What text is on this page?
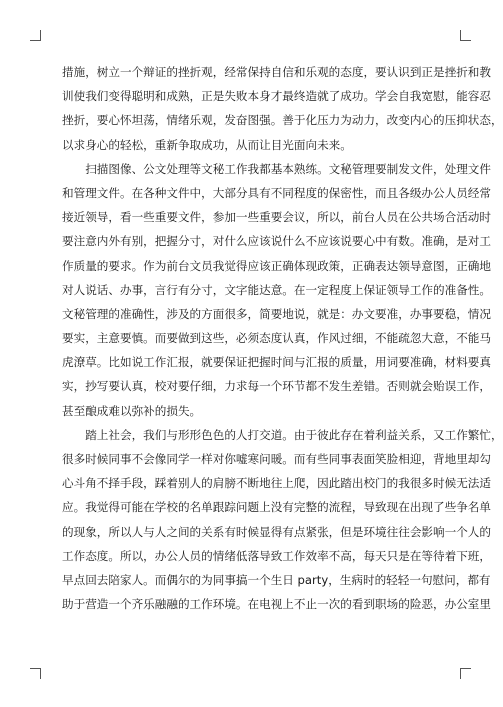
措施，树立一个辩证的挫折观，经常保持自信和乐观的态度，要认识到正是挫折和教
训使我们变得聪明和成熟，正是失败本身才最终造就了成功。学会自我宽慰，能容忍
挫折，要心怀坦荡，情绪乐观，发奋图强。善于化压力为动力，改变内心的压抑状态，
以求身心的轻松，重新争取成功，从而让目光面向未来。
　　扫描图像、公文处理等文秘工作我都基本熟练。文秘管理要制发文件，处理文件
和管理文件。在各种文件中，大部分具有不同程度的保密性，而且各级办公人员经常
接近领导，看一些重要文件，参加一些重要会议，所以，前台人员在公共场合活动时
要注意内外有别，把握分寸，对什么应该说什么不应该说要心中有数。准确，是对工
作质量的要求。作为前台文员我觉得应该正确体现政策，正确表达领导意图，正确地
对人说话、办事，言行有分寸，文字能达意。在一定程度上保证领导工作的准备性。
文秘管理的准确性，涉及的方面很多，简要地说，就是：办文要准，办事要稳，情况
要实，主意要慎。而要做到这些，必须态度认真，作风过细，不能疏忽大意，不能马
虎潦草。比如说工作汇报，就要保证把握时间与汇报的质量，用词要准确，材料要真
实，抄写要认真，校对要仔细，力求每一个环节都不发生差错。否则就会贻误工作，
甚至酿成难以弥补的损失。
　　踏上社会，我们与形形色色的人打交道。由于彼此存在着利益关系，又工作繁忙，
很多时候同事不会像同学一样对你嘘寒问暖。而有些同事表面笑脸相迎，背地里却勾
心斗角不择手段，踩着别人的肩膀不断地往上爬，因此踏出校门的我很多时候无法适
应。我觉得可能在学校的名单跟踪问题上没有完整的流程，导致现在出现了些争名单
的现象，所以人与人之间的关系有时候显得有点紧张，但是环境往往会影响一个人的
工作态度。所以，办公人员的情绪低落导致工作效率不高，每天只是在等待着下班，
早点回去陪家人。而偶尔的为同事搞一个生日 party，生病时的轻轻一句慰问，都有
助于营造一个齐乐融融的工作环境。在电视上不止一次的看到职场的险恶，办公室里
